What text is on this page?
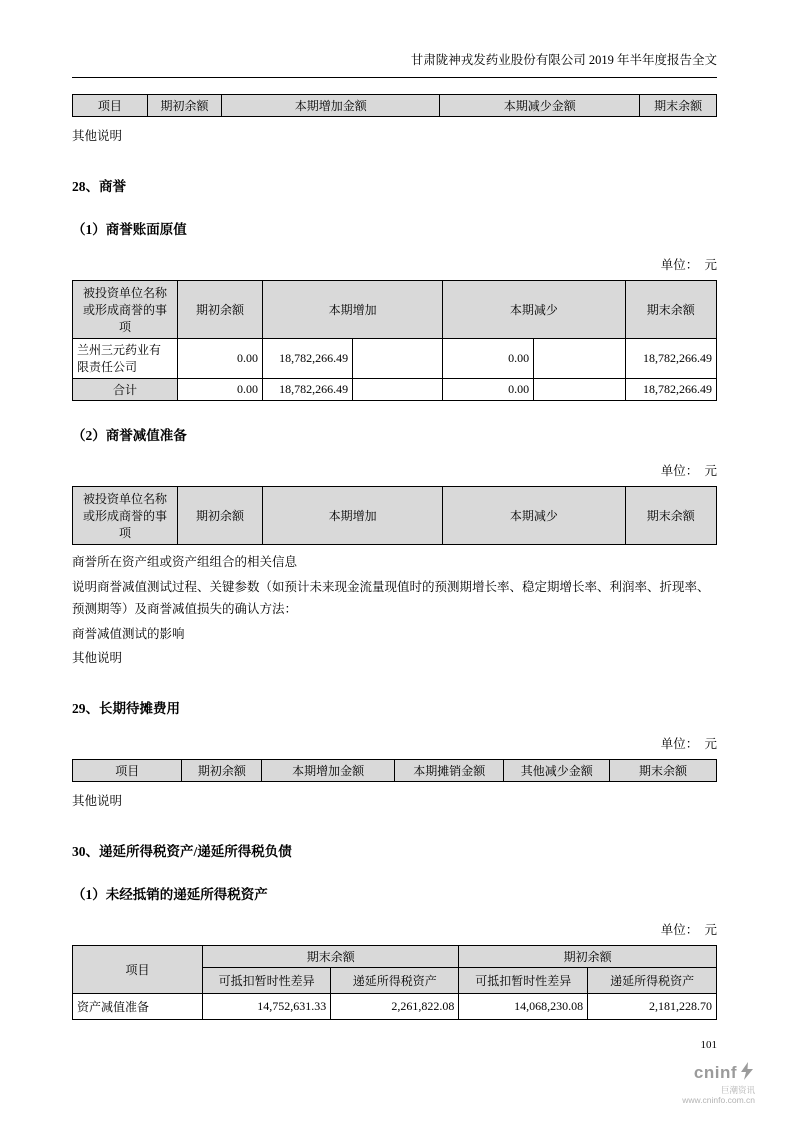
甘肃陇神戎发药业股份有限公司 2019 年半年度报告全文
项目	期初余额	本期增加金额	本期减少金额	期末余额
其他说明
28、商誉
（1）商誉账面原值
单位：　元
被投资单位名称或形成商誉的事项	期初余额	本期增加		本期减少		期末余额
兰州三元药业有限责任公司	0.00	18,782,266.49		0.00		18,782,266.49
合计	0.00	18,782,266.49		0.00		18,782,266.49
（2）商誉减值准备
单位：　元
被投资单位名称或形成商誉的事项	期初余额	本期增加	本期减少	期末余额
商誉所在资产组或资产组组合的相关信息
说明商誉减值测试过程、关键参数（如预计未来现金流量现值时的预测期增长率、稳定期增长率、利润率、折现率、预测期等）及商誉减值损失的确认方法：
商誉减值测试的影响
其他说明
29、长期待摊费用
单位：　元
项目	期初余额	本期增加金额	本期摊销金额	其他减少金额	期末余额
其他说明
30、递延所得税资产/递延所得税负债
（1）未经抵销的递延所得税资产
单位：　元
项目	期末余额		期初余额	
	可抵扣暂时性差异	递延所得税资产	可抵扣暂时性差异	递延所得税资产
资产减值准备	14,752,631.33	2,261,822.08	14,068,230.08	2,181,228.70
101
cninf
巨潮资讯
www.cninfo.com.cn
